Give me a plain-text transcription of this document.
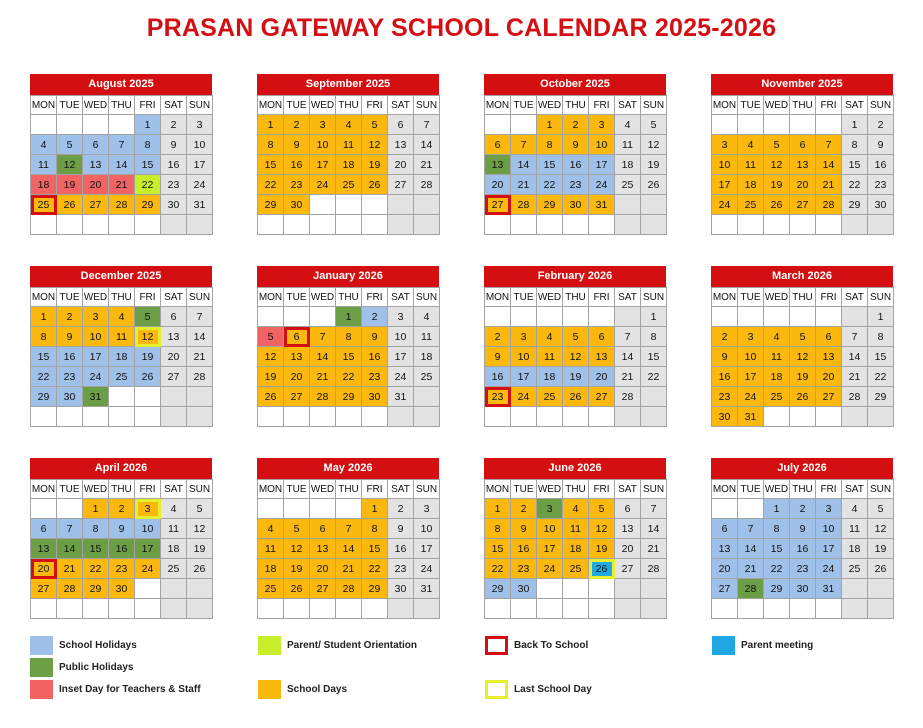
PRASAN GATEWAY SCHOOL CALENDAR 2025-2026
August 2025
MON	TUE	WED	THU	FRI	SAT	SUN
				1	2	3
4	5	6	7	8	9	10
11	12	13	14	15	16	17
18	19	20	21	22	23	24
25	26	27	28	29	30	31

September 2025
MON	TUE	WED	THU	FRI	SAT	SUN
1	2	3	4	5	6	7
8	9	10	11	12	13	14
15	16	17	18	19	20	21
22	23	24	25	26	27	28
29	30					

October 2025
MON	TUE	WED	THU	FRI	SAT	SUN
		1	2	3	4	5
6	7	8	9	10	11	12
13	14	15	16	17	18	19
20	21	22	23	24	25	26
27	28	29	30	31		

November 2025
MON	TUE	WED	THU	FRI	SAT	SUN
					1	2
3	4	5	6	7	8	9
10	11	12	13	14	15	16
17	18	19	20	21	22	23
24	25	26	27	28	29	30

December 2025
MON	TUE	WED	THU	FRI	SAT	SUN
1	2	3	4	5	6	7
8	9	10	11	12	13	14
15	16	17	18	19	20	21
22	23	24	25	26	27	28
29	30	31				

January 2026
MON	TUE	WED	THU	FRI	SAT	SUN
			1	2	3	4
5	6	7	8	9	10	11
12	13	14	15	16	17	18
19	20	21	22	23	24	25
26	27	28	29	30	31	

February 2026
MON	TUE	WED	THU	FRI	SAT	SUN
						1
2	3	4	5	6	7	8
9	10	11	12	13	14	15
16	17	18	19	20	21	22
23	24	25	26	27	28	

March 2026
MON	TUE	WED	THU	FRI	SAT	SUN
						1
2	3	4	5	6	7	8
9	10	11	12	13	14	15
16	17	18	19	20	21	22
23	24	25	26	27	28	29
30	31					
April 2026
MON	TUE	WED	THU	FRI	SAT	SUN
		1	2	3	4	5
6	7	8	9	10	11	12
13	14	15	16	17	18	19
20	21	22	23	24	25	26
27	28	29	30			

May 2026
MON	TUE	WED	THU	FRI	SAT	SUN
				1	2	3
4	5	6	7	8	9	10
11	12	13	14	15	16	17
18	19	20	21	22	23	24
25	26	27	28	29	30	31

June 2026
MON	TUE	WED	THU	FRI	SAT	SUN
1	2	3	4	5	6	7
8	9	10	11	12	13	14
15	16	17	18	19	20	21
22	23	24	25	26	27	28
29	30					

July 2026
MON	TUE	WED	THU	FRI	SAT	SUN
		1	2	3	4	5
6	7	8	9	10	11	12
13	14	15	16	17	18	19
20	21	22	23	24	25	26
27	28	29	30	31		

School Holidays
Public Holidays
Inset Day for Teachers & Staff
Parent/ Student Orientation
School Days
Back To School
Last School Day
Parent meeting
